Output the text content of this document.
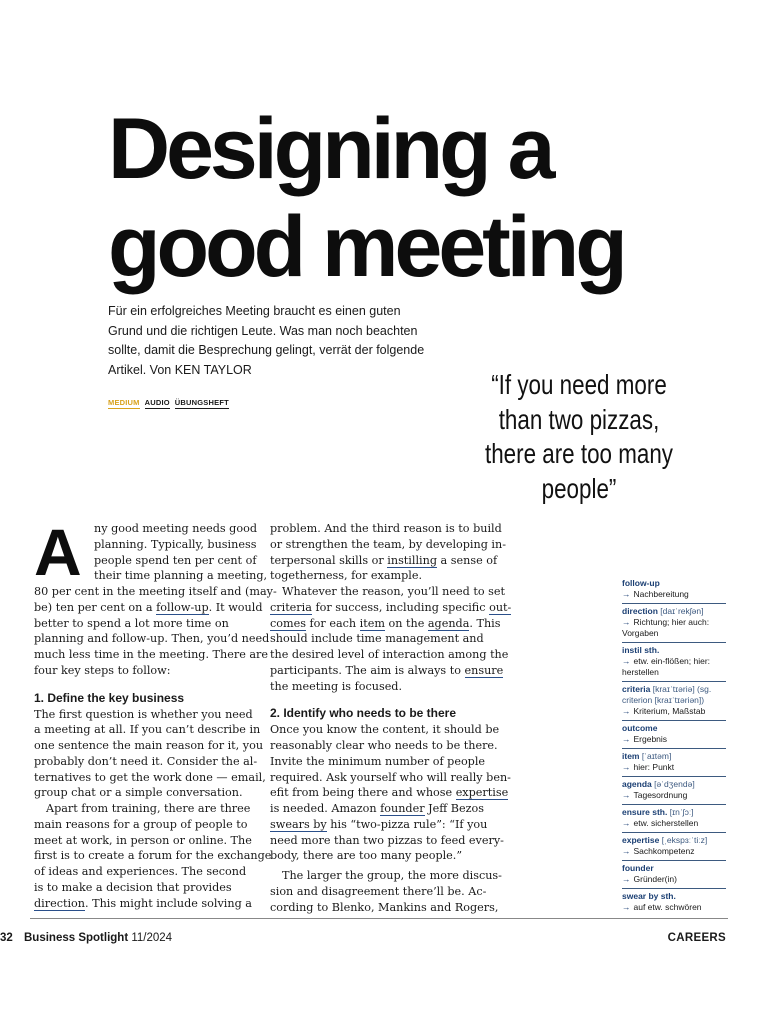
Designing a
good meeting

Für ein erfolgreiches Meeting braucht es einen guten
Grund und die richtigen Leute. Was man noch beachten
sollte, damit die Besprechung gelingt, verrät der folgende
Artikel. Von KEN TAYLOR

MEDIUM AUDIO ÜBUNGSHEFT
“If you need more
than two pizzas,
there are too many
people”
A	ny good meeting needs good
planning. Typically, business
people spend ten per cent of
their time planning a meeting,
80 per cent in the meeting itself and (may-
be) ten per cent on a follow-up. It would
better to spend a lot more time on
planning and follow-up. Then, you’d need
much less time in the meeting. There are
four key steps to follow:
1. Define the key business
The first question is whether you need
a meeting at all. If you can’t describe in
one sentence the main reason for it, you
probably don’t need it. Consider the al-
ternatives to get the work done — email,
group chat or a simple conversation.
Apart from training, there are three
main reasons for a group of people to
meet at work, in person or online. The
first is to create a forum for the exchange
of ideas and experiences. The second
is to make a decision that provides
direction. This might include solving a
problem. And the third reason is to build
or strengthen the team, by developing in-
terpersonal skills or instilling a sense of
togetherness, for example.
Whatever the reason, you’ll need to set
criteria for success, including specific out-
comes for each item on the agenda. This
should include time management and
the desired level of interaction among the
participants. The aim is always to ensure
the meeting is focused.
2. Identify who needs to be there
Once you know the content, it should be
reasonably clear who needs to be there.
Invite the minimum number of people
required. Ask yourself who will really ben-
efit from being there and whose expertise
is needed. Amazon founder Jeff Bezos
swears by his “two-pizza rule”: “If you
need more than two pizzas to feed every-
body, there are too many people.”
The larger the group, the more discus-
sion and disagreement there’ll be. Ac-
cording to Blenko, Mankins and Rogers,
follow-up
→ Nachbereitung
direction [daɪˈrekʃən]
→ Richtung; hier auch: Vorgaben
instil sth.
→ etw. ein-flößen; hier: herstellen
criteria [kraɪˈtɪəriə] (sg. criterion [kraɪˈtɪəriən])
→ Kriterium, Maßstab
outcome
→ Ergebnis
item [ˈaɪtəm]
→ hier: Punkt
agenda [əˈdʒendə]
→ Tagesordnung
ensure sth. [ɪnˈʃɔː]
→ etw. sicherstellen
expertise [ˌekspɜːˈtiːz]
→ Sachkompetenz
founder
→ Gründer(in)
swear by sth.
→ auf etw. schwören
32 Business Spotlight 11/2024	CAREERS
